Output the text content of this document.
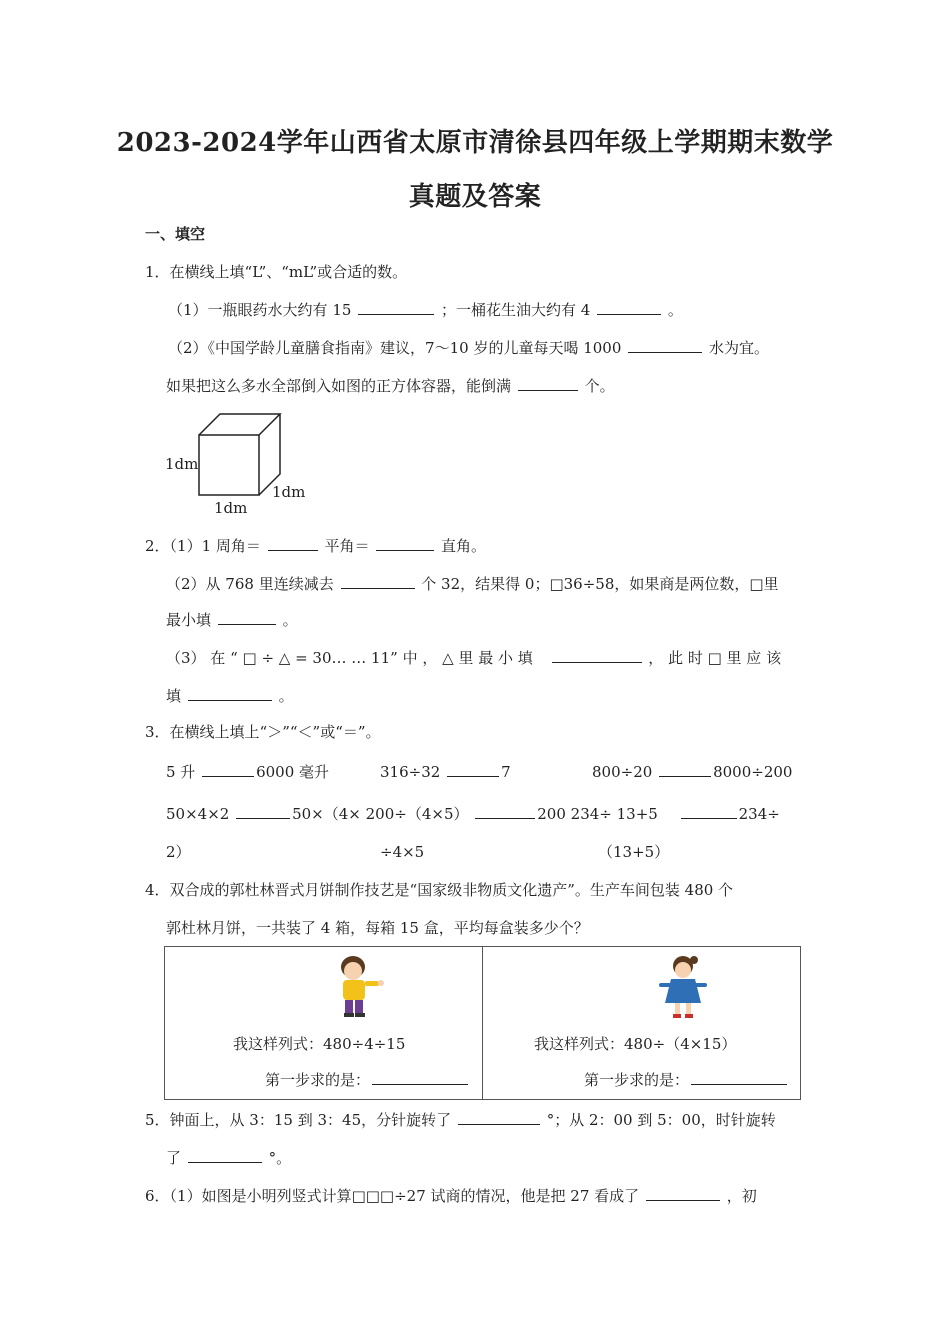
2023-2024学年山西省太原市清徐县四年级上学期期末数学
真题及答案
一、填空
1．在横线上填“L”、“mL”或合适的数。
（1）一瓶眼药水大约有 15	；一桶花生油大约有 4	。
（2）《中国学龄儿童膳食指南》建议，7～10 岁的儿童每天喝 1000	水为宜。
如果把这么多水全部倒入如图的正方体容器，能倒满	个。
1dm
1dm
1dm
2．（1）1 周角＝	平角＝	直角。
（2）从 768 里连续减去	个 32，结果得 0；□36÷58，如果商是两位数，□里
最小填	。
（3） 在 “ □ ÷ △ = 30… … 11” 中 ， △ 里 最 小 填	， 此 时 □ 里 应 该
填	。
3．在横线上填上“＞”“＜”或“＝”。
5 升	6000 毫升	316÷32	7	800÷20	8000÷200
50×4×2	50×（4× 200÷（4×5）	200 234÷ 13+5	234÷
2）	÷4×5	（13+5）
4．双合成的郭杜林晋式月饼制作技艺是“国家级非物质文化遗产”。生产车间包装 480 个
郭杜林月饼，一共装了 4 箱，每箱 15 盒，平均每盒装多少个？
我这样列式：480÷4÷15
第一步求的是：
我这样列式：480÷（4×15）
第一步求的是：
5．钟面上，从 3：15 到 3：45，分针旋转了	°；从 2：00 到 5：00，时针旋转
了	°。
6．（1）如图是小明列竖式计算□□□÷27 试商的情况，他是把 27 看成了	，初
